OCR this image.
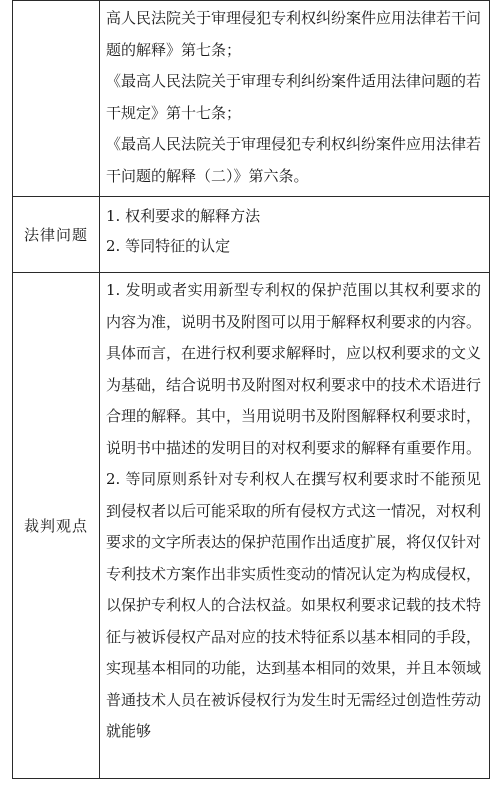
	高人民法院关于审理侵犯专利权纠纷案件应用法律若干问题的解释》第七条；
《最高人民法院关于审理专利纠纷案件适用法律问题的若干规定》第十七条；
《最高人民法院关于审理侵犯专利权纠纷案件应用法律若干问题的解释（二）》第六条。

法律问题	1. 权利要求的解释方法
2. 等同特征的认定

裁判观点	1. 发明或者实用新型专利权的保护范围以其权利要求的内容为准，说明书及附图可以用于解释权利要求的内容。具体而言，在进行权利要求解释时，应以权利要求的文义为基础，结合说明书及附图对权利要求中的技术术语进行合理的解释。其中，当用说明书及附图解释权利要求时，说明书中描述的发明目的对权利要求的解释有重要作用。
2. 等同原则系针对专利权人在撰写权利要求时不能预见到侵权者以后可能采取的所有侵权方式这一情况，对权利要求的文字所表达的保护范围作出适度扩展，将仅仅针对专利技术方案作出非实质性变动的情况认定为构成侵权，以保护专利权人的合法权益。如果权利要求记载的技术特征与被诉侵权产品对应的技术特征系以基本相同的手段，实现基本相同的功能，达到基本相同的效果，并且本领域普通技术人员在被诉侵权行为发生时无需经过创造性劳动就能够
